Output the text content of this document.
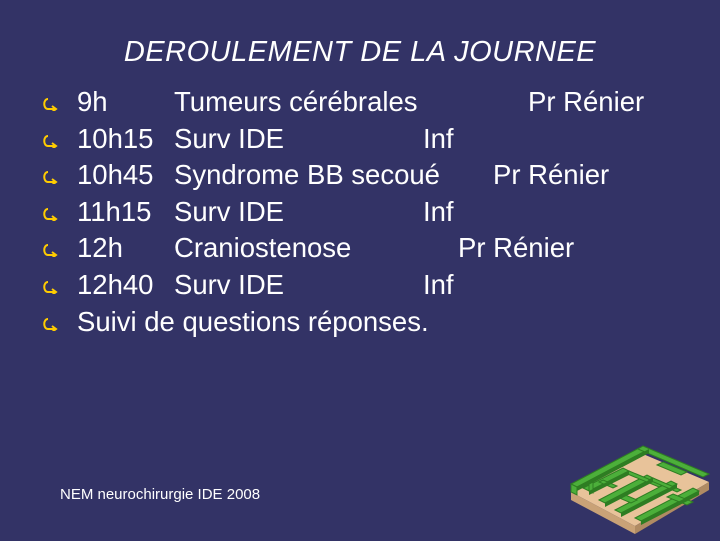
DEROULEMENT DE LA JOURNEE
9h Tumeurs cérébrales	Pr Rénier
10h15 Surv IDE	Inf
10h45 Syndrome BB secoué Pr Rénier
11h15 Surv IDE	Inf
12h Craniostenose	Pr Rénier
12h40 Surv IDE	Inf
Suivi de questions réponses.
NEM neurochirurgie IDE 2008
